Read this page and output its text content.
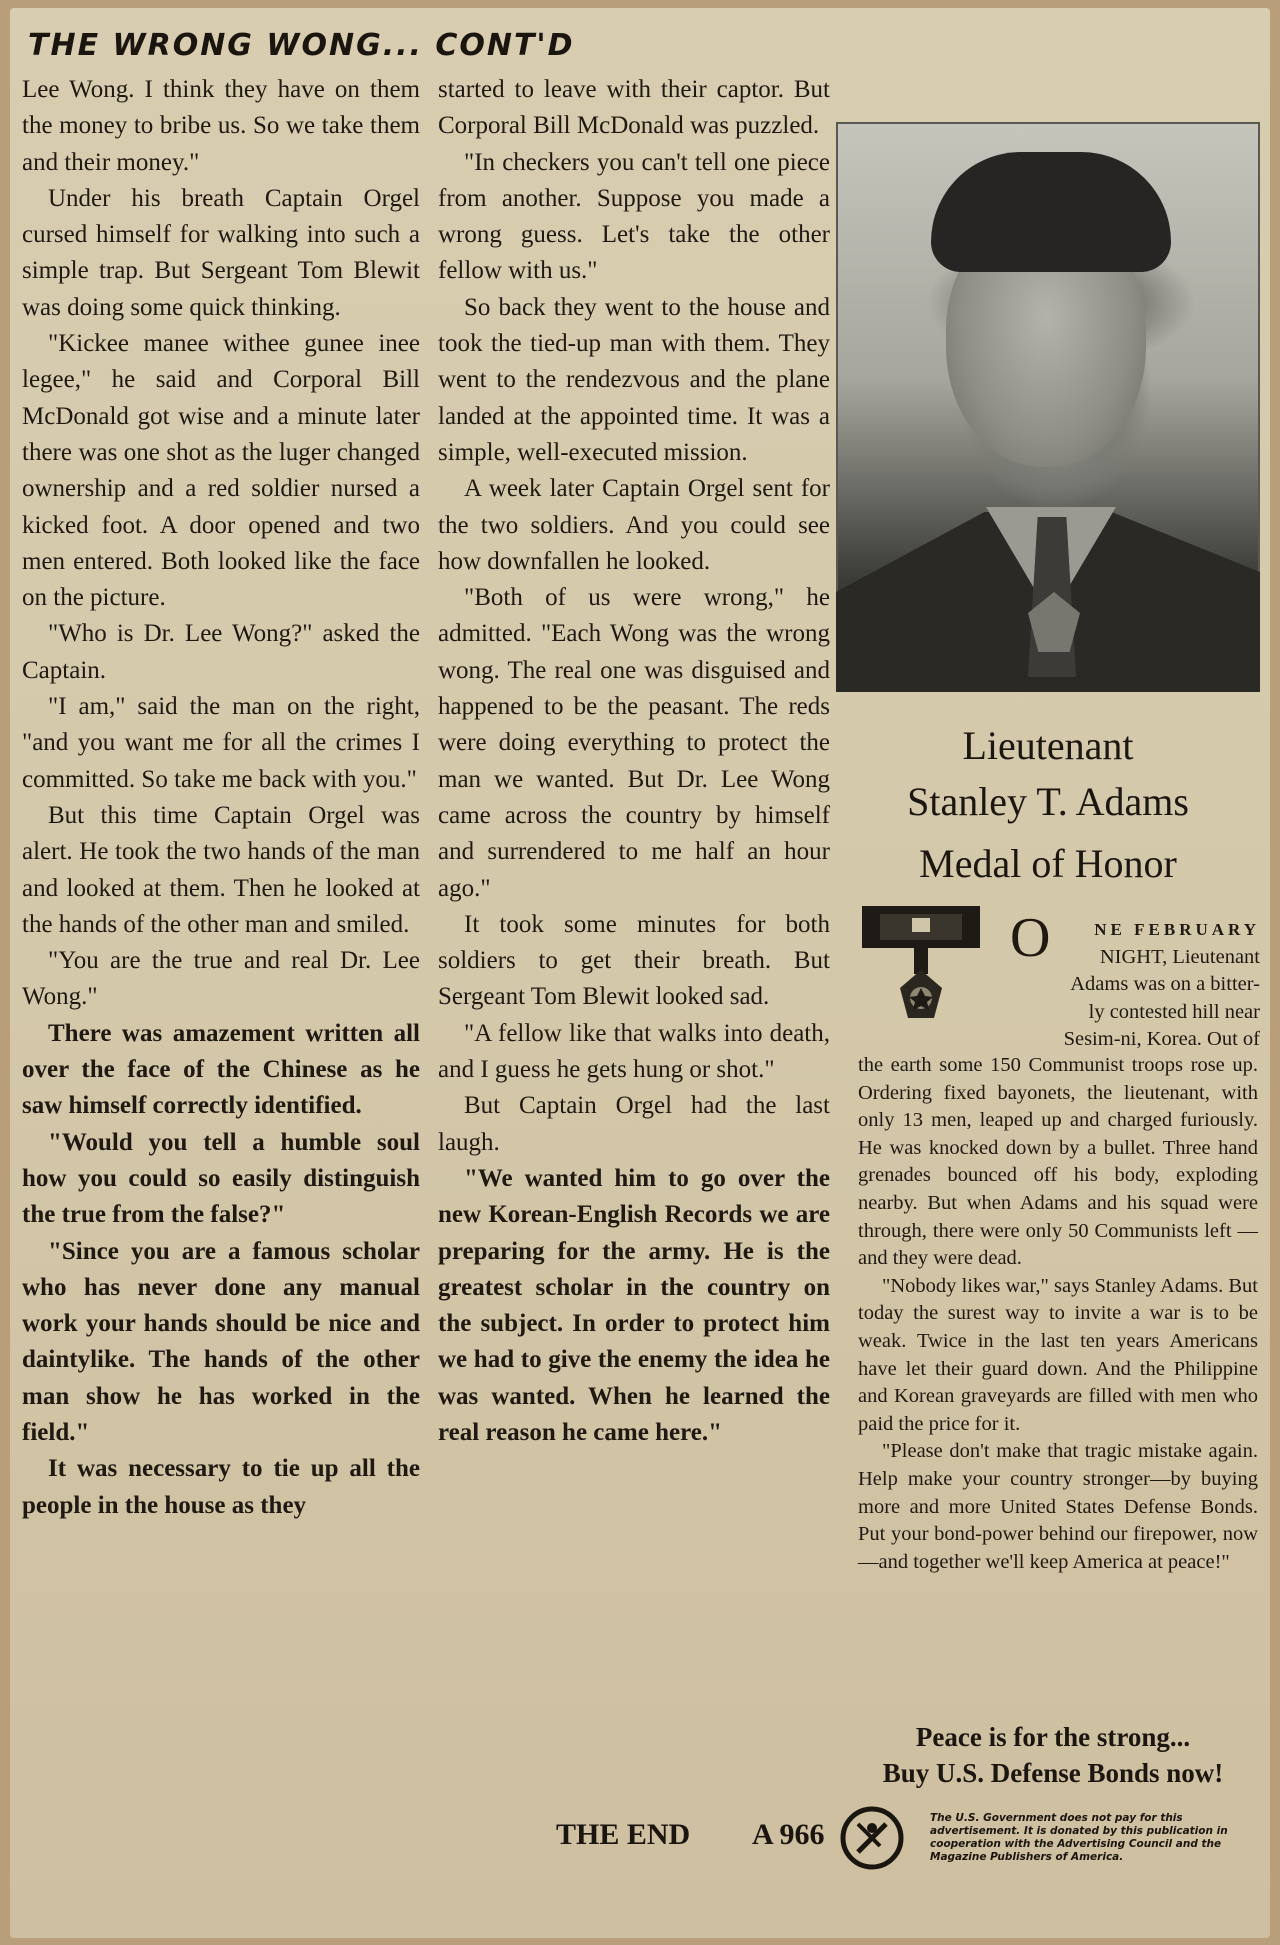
THE WRONG WONG... CONT'D

Lee Wong. I think they have on them the money to bribe us. So we take them and their money."

Under his breath Captain Orgel cursed himself for walking into such a simple trap. But Sergeant Tom Blewit was doing some quick thinking.

"Kickee manee withee gunee inee legee," he said and Corporal Bill McDonald got wise and a minute later there was one shot as the luger changed ownership and a red soldier nursed a kicked foot. A door opened and two men entered. Both looked like the face on the picture.

"Who is Dr. Lee Wong?" asked the Captain.

"I am," said the man on the right, "and you want me for all the crimes I committed. So take me back with you."

But this time Captain Orgel was alert. He took the two hands of the man and looked at them. Then he looked at the hands of the other man and smiled.

"You are the true and real Dr. Lee Wong."

There was amazement written all over the face of the Chinese as he saw himself correctly identified.

"Would you tell a humble soul how you could so easily distinguish the true from the false?"

"Since you are a famous scholar who has never done any manual work your hands should be nice and daintylike. The hands of the other man show he has worked in the field."

It was necessary to tie up all the people in the house as they

started to leave with their captor. But Corporal Bill McDonald was puzzled.

"In checkers you can't tell one piece from another. Suppose you made a wrong guess. Let's take the other fellow with us."

So back they went to the house and took the tied-up man with them. They went to the rendezvous and the plane landed at the appointed time. It was a simple, well-executed mission.

A week later Captain Orgel sent for the two soldiers. And you could see how downfallen he looked.

"Both of us were wrong," he admitted. "Each Wong was the wrong wong. The real one was disguised and happened to be the peasant. The reds were doing everything to protect the man we wanted. But Dr. Lee Wong came across the country by himself and surrendered to me half an hour ago."

It took some minutes for both soldiers to get their breath. But Sergeant Tom Blewit looked sad.

"A fellow like that walks into death, and I guess he gets hung or shot."

But Captain Orgel had the last laugh.

"We wanted him to go over the new Korean-English Records we are preparing for the army. He is the greatest scholar in the country on the subject. In order to protect him we had to give the enemy the idea he was wanted. When he learned the real reason he came here."

Lieutenant
Stanley T. Adams
Medal of Honor
O	NE FEBRUARY
NIGHT, Lieutenant
Adams was on a bitter-
ly contested hill near
Sesim-ni, Korea. Out of

the earth some 150 Communist troops rose up. Ordering fixed bayonets, the lieutenant, with only 13 men, leaped up and charged furiously. He was knocked down by a bullet. Three hand grenades bounced off his body, exploding nearby. But when Adams and his squad were through, there were only 50 Communists left — and they were dead.

"Nobody likes war," says Stanley Adams. But today the surest way to invite a war is to be weak. Twice in the last ten years Americans have let their guard down. And the Philippine and Korean graveyards are filled with men who paid the price for it.

"Please don't make that tragic mistake again. Help make your country stronger—by buying more and more United States Defense Bonds. Put your bond-power behind our firepower, now—and together we'll keep America at peace!"

Peace is for the strong...
Buy U.S. Defense Bonds now!
THE END A 966	The U.S. Government does not pay for this advertisement. It is donated by this publication in cooperation with the Advertising Council and the Magazine Publishers of America.
